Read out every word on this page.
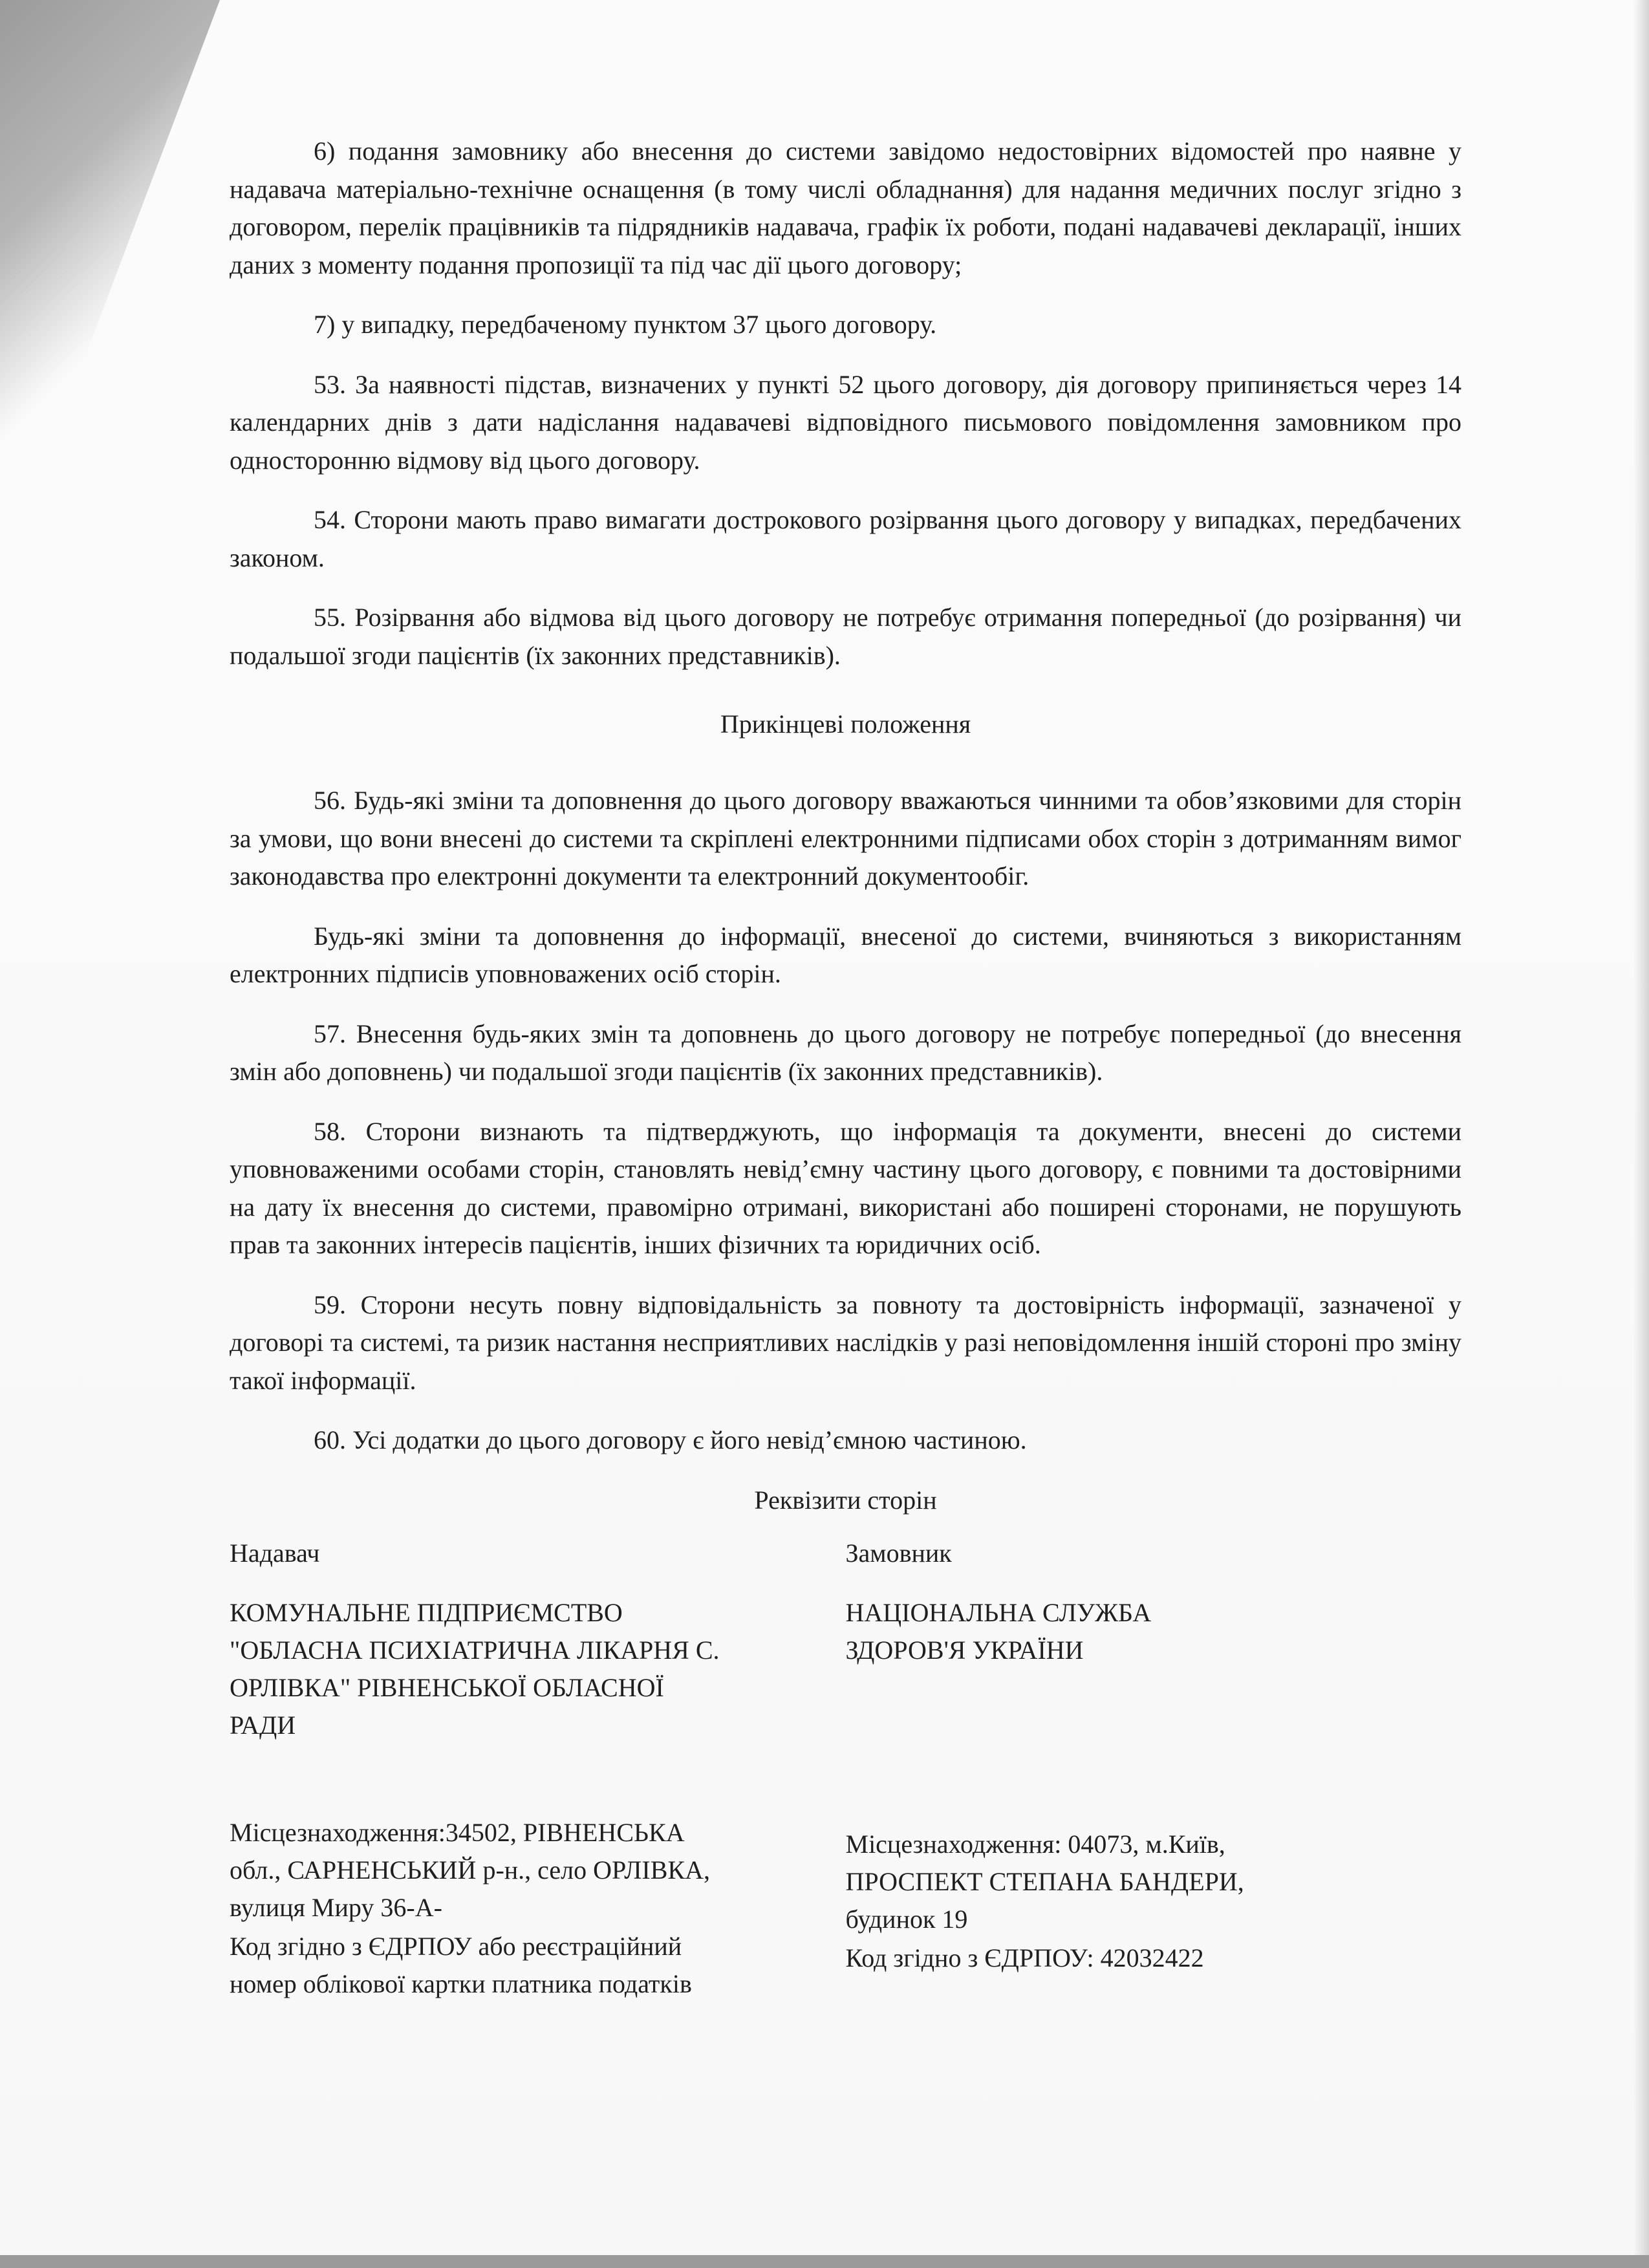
6) подання замовнику або внесення до системи завідомо недостовірних відомостей про наявне у надавача матеріально-технічне оснащення (в тому числі обладнання) для надання медичних послуг згідно з договором, перелік працівників та підрядників надавача, графік їх роботи, подані надавачеві декларації, інших даних з моменту подання пропозиції та під час дії цього договору;

7) у випадку, передбаченому пунктом 37 цього договору.

53. За наявності підстав, визначених у пункті 52 цього договору, дія договору припиняється через 14 календарних днів з дати надіслання надавачеві відповідного письмового повідомлення замовником про односторонню відмову від цього договору.

54. Сторони мають право вимагати дострокового розірвання цього договору у випадках, передбачених законом.

55. Розірвання або відмова від цього договору не потребує отримання попередньої (до розірвання) чи подальшої згоди пацієнтів (їх законних представників).

Прикінцеві положення

56. Будь-які зміни та доповнення до цього договору вважаються чинними та обов’язковими для сторін за умови, що вони внесені до системи та скріплені електронними підписами обох сторін з дотриманням вимог законодавства про електронні документи та електронний документообіг.

Будь-які зміни та доповнення до інформації, внесеної до системи, вчиняються з використанням електронних підписів уповноважених осіб сторін.

57. Внесення будь-яких змін та доповнень до цього договору не потребує попередньої (до внесення змін або доповнень) чи подальшої згоди пацієнтів (їх законних представників).

58. Сторони визнають та підтверджують, що інформація та документи, внесені до системи уповноваженими особами сторін, становлять невід’ємну частину цього договору, є повними та достовірними на дату їх внесення до системи, правомірно отримані, використані або поширені сторонами, не порушують прав та законних інтересів пацієнтів, інших фізичних та юридичних осіб.

59. Сторони несуть повну відповідальність за повноту та достовірність інформації, зазначеної у договорі та системі, та ризик настання несприятливих наслідків у разі неповідомлення іншій стороні про зміну такої інформації.

60. Усі додатки до цього договору є його невід’ємною частиною.

Реквізити сторін
Надавач
КОМУНАЛЬНЕ ПІДПРИЄМСТВО
"ОБЛАСНА ПСИХІАТРИЧНА ЛІКАРНЯ С.
ОРЛІВКА" РІВНЕНСЬКОЇ ОБЛАСНОЇ
РАДИ
Місцезнаходження:34502, РІВНЕНСЬКА
обл., САРНЕНСЬКИЙ р-н., село ОРЛІВКА,
вулиця Миру 36-А-
Код згідно з ЄДРПОУ або реєстраційний
номер облікової картки платника податків
Замовник
НАЦІОНАЛЬНА СЛУЖБА
ЗДОРОВ'Я УКРАЇНИ
Місцезнаходження: 04073, м.Київ,
ПРОСПЕКТ СТЕПАНА БАНДЕРИ,
будинок 19
Код згідно з ЄДРПОУ: 42032422
